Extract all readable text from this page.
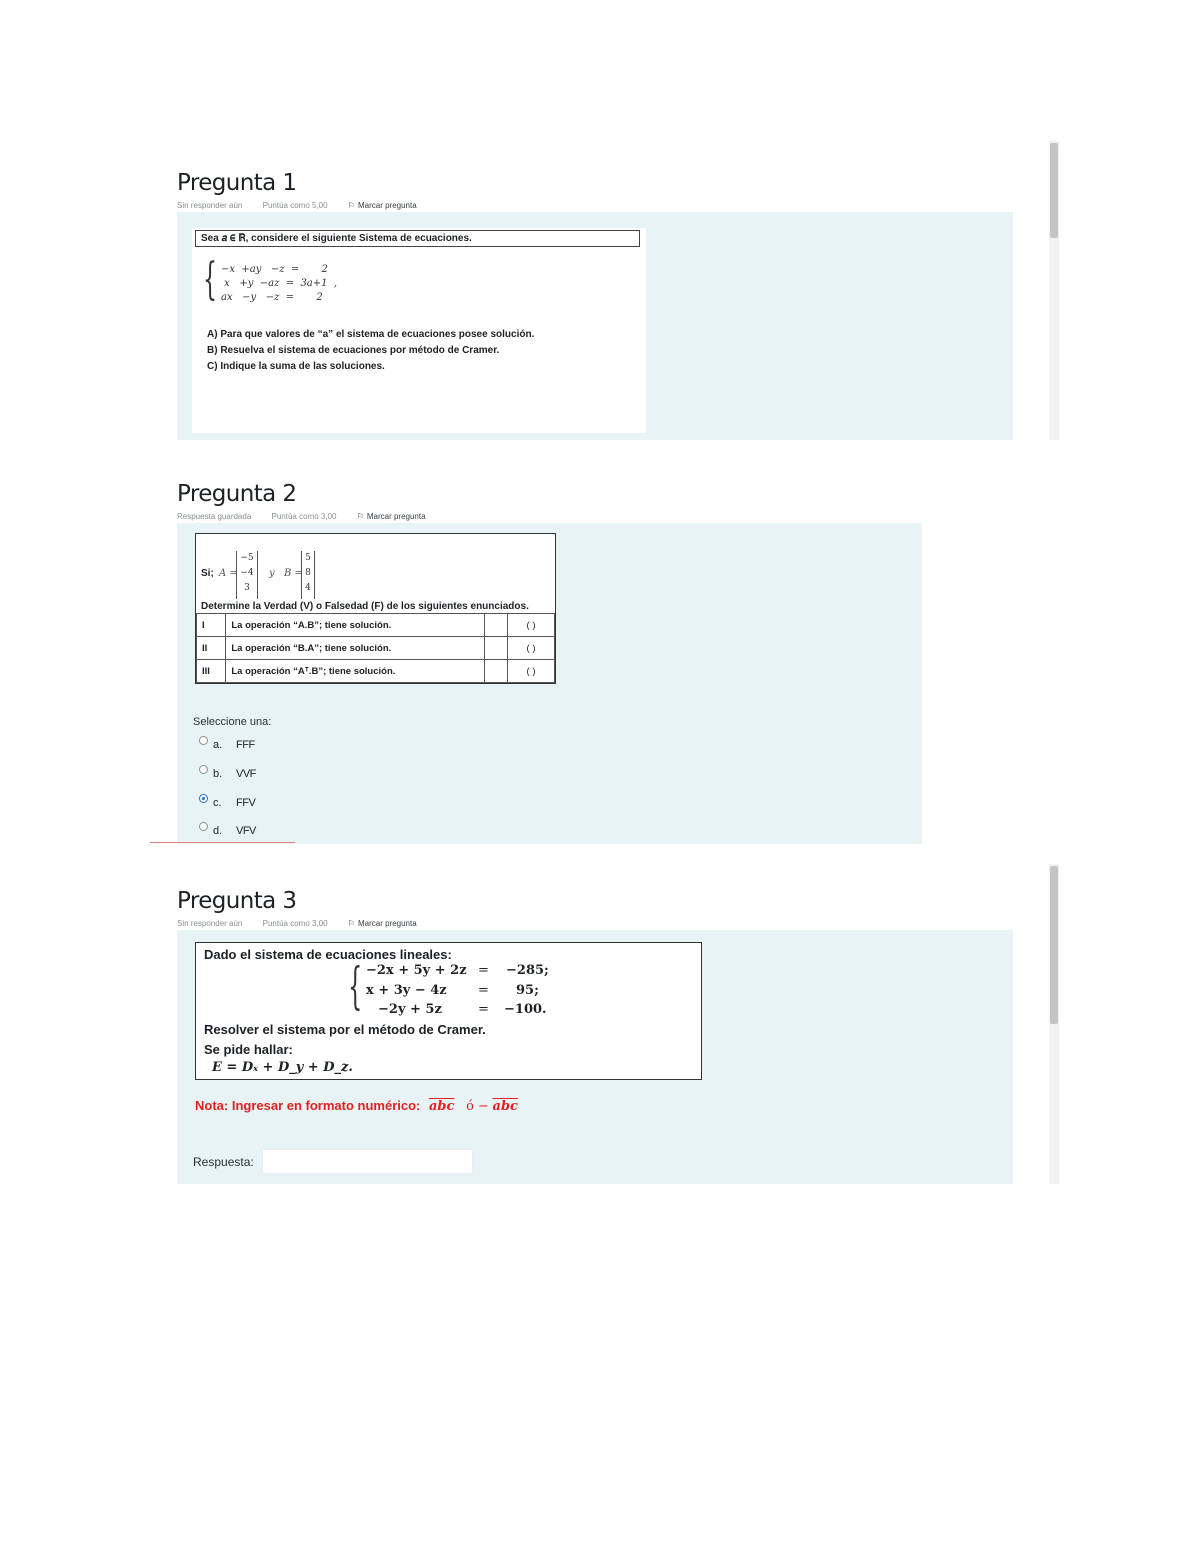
Pregunta 1
Sin responder aún	Puntúa como 5,00	⚐ Marcar pregunta
Sea 𝑎 ∈ ℝ, considere el siguiente Sistema de ecuaciones.
{ −x  +ay   −z  =       2
x   +y  −az  =  3a+1  ,
ax   −y   −z  =       2
A) Para que valores de “a” el sistema de ecuaciones posee solución.
B) Resuelva el sistema de ecuaciones por método de Cramer.
C) Indique la suma de las soluciones.
Pregunta 2
Respuesta guardada	Puntúa como 3,00	⚐ Marcar pregunta
Si; A =
−5
−4
3
y B =
5
8
4
Determine la Verdad (V) o Falsedad (F) de los siguientes enunciados.
I	La operación “A.B”; tiene solución.		( )
II	La operación “B.A”; tiene solución.		( )
III	La operación “Aᵀ.B”; tiene solución.		( )
Seleccione una:
a. FFF
b. VVF
c. FFV
d. VFV
Pregunta 3
Sin responder aún	Puntúa como 3,00	⚐ Marcar pregunta
Dado el sistema de ecuaciones lineales:
{ −2x + 5y + 2z = −285;
x + 3y − 4z = 95;
−2y + 5z	= −100.
Resolver el sistema por el método de Cramer.
Se pide hallar:
E = Dₓ + D_y + D_z.
Nota: Ingresar en formato numérico: $\overline{abc}$ ó − $\overline{abc}$
Respuesta:
